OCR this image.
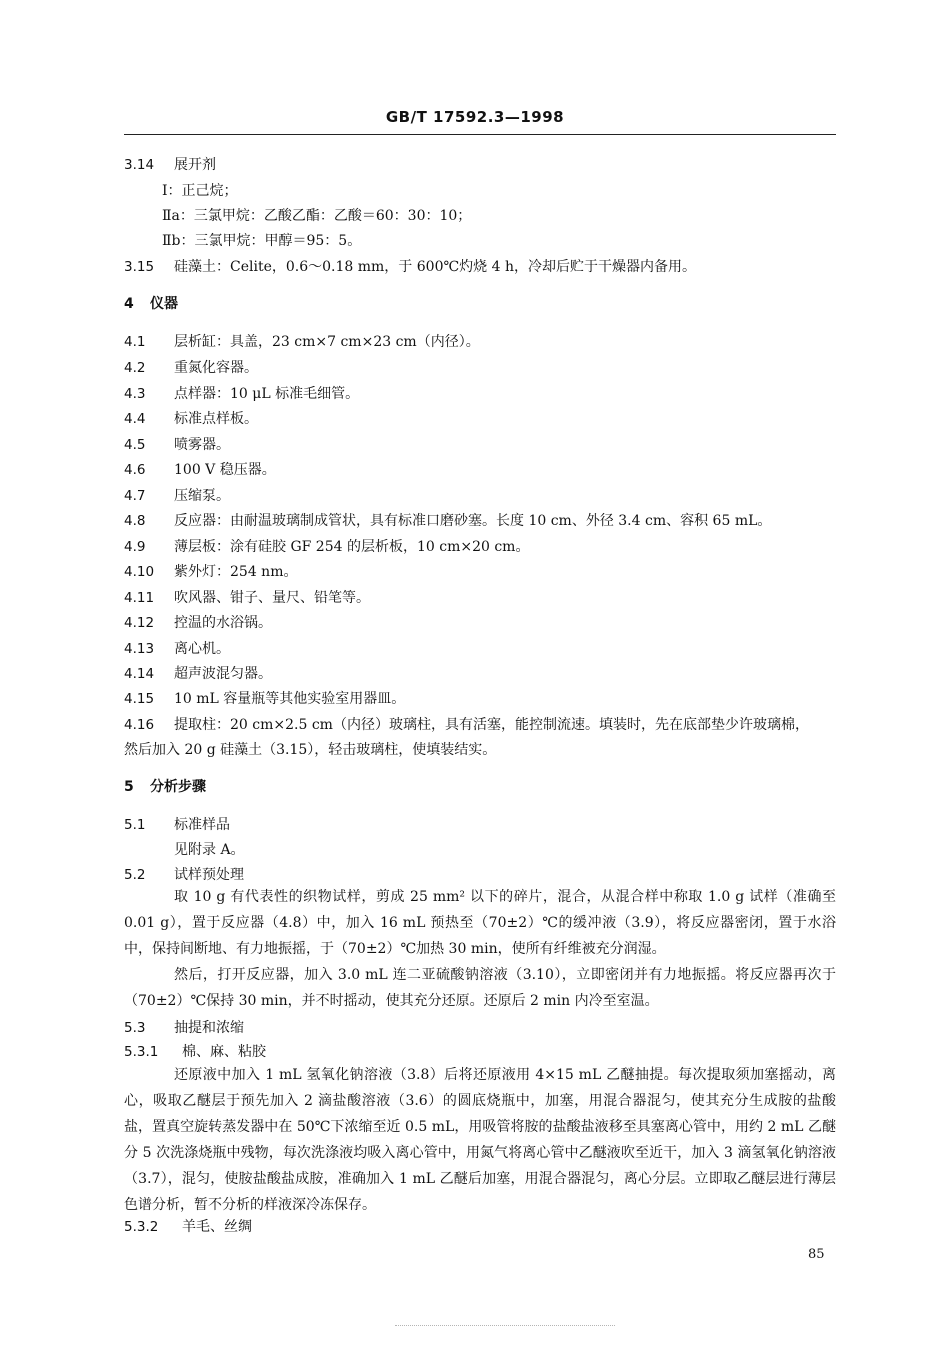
GB/T 17592.3—1998
3.14 展开剂
Ⅰ：正己烷；
Ⅱa：三氯甲烷：乙酸乙酯：乙酸＝60：30：10；
Ⅱb：三氯甲烷：甲醇＝95：5。
3.15 硅藻土：Celite，0.6～0.18 mm，于 600℃灼烧 4 h，冷却后贮于干燥器内备用。
4 仪器
4.1 层析缸：具盖，23 cm×7 cm×23 cm（内径）。
4.2 重氮化容器。
4.3 点样器：10 μL 标准毛细管。
4.4 标准点样板。
4.5 喷雾器。
4.6 100 V 稳压器。
4.7 压缩泵。
4.8 反应器：由耐温玻璃制成管状，具有标准口磨砂塞。长度 10 cm、外径 3.4 cm、容积 65 mL。
4.9 薄层板：涂有硅胶 GF 254 的层析板，10 cm×20 cm。
4.10 紫外灯：254 nm。
4.11 吹风器、钳子、量尺、铅笔等。
4.12 控温的水浴锅。
4.13 离心机。
4.14 超声波混匀器。
4.15 10 mL 容量瓶等其他实验室用器皿。
4.16 提取柱：20 cm×2.5 cm（内径）玻璃柱，具有活塞，能控制流速。填装时，先在底部垫少许玻璃棉，
然后加入 20 g 硅藻土（3.15），轻击玻璃柱，使填装结实。
5 分析步骤
5.1 标准样品
见附录 A。
5.2 试样预处理
取 10 g 有代表性的织物试样，剪成 25 mm² 以下的碎片，混合，从混合样中称取 1.0 g 试样（准确至 0.01 g），置于反应器（4.8）中，加入 16 mL 预热至（70±2）℃的缓冲液（3.9），将反应器密闭，置于水浴中，保持间断地、有力地振摇，于（70±2）℃加热 30 min，使所有纤维被充分润湿。
然后，打开反应器，加入 3.0 mL 连二亚硫酸钠溶液（3.10），立即密闭并有力地振摇。将反应器再次于（70±2）℃保持 30 min，并不时摇动，使其充分还原。还原后 2 min 内冷至室温。
5.3 抽提和浓缩
5.3.1 棉、麻、粘胶
还原液中加入 1 mL 氢氧化钠溶液（3.8）后将还原液用 4×15 mL 乙醚抽提。每次提取须加塞摇动，离心，吸取乙醚层于预先加入 2 滴盐酸溶液（3.6）的圆底烧瓶中，加塞，用混合器混匀，使其充分生成胺的盐酸盐，置真空旋转蒸发器中在 50℃下浓缩至近 0.5 mL，用吸管将胺的盐酸盐液移至具塞离心管中，用约 2 mL 乙醚分 5 次洗涤烧瓶中残物，每次洗涤液均吸入离心管中，用氮气将离心管中乙醚液吹至近干，加入 3 滴氢氧化钠溶液（3.7），混匀，使胺盐酸盐成胺，准确加入 1 mL 乙醚后加塞，用混合器混匀，离心分层。立即取乙醚层进行薄层色谱分析，暂不分析的样液深冷冻保存。
5.3.2 羊毛、丝绸
85
